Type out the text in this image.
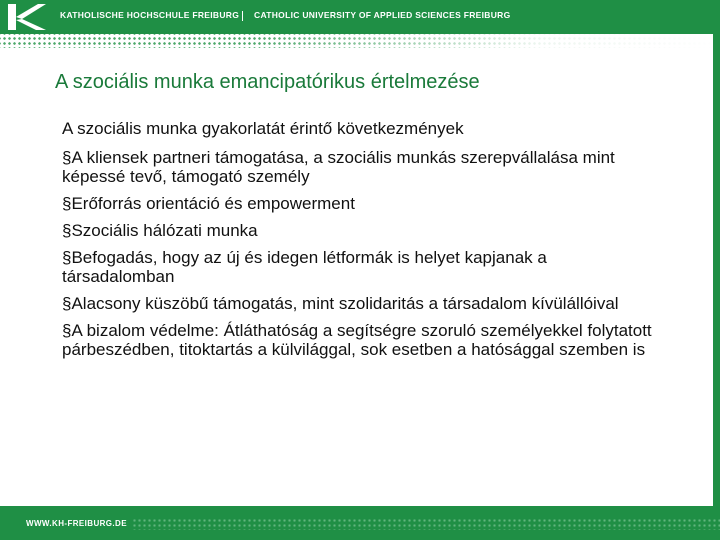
KATHOLISCHE HOCHSCHULE FREIBURG CATHOLIC UNIVERSITY OF APPLIED SCIENCES FREIBURG
A szociális munka emancipatórikus értelmezése

A szociális munka gyakorlatát érintő következmények

§ A kliensek partneri támogatása, a szociális munkás szerepvállalása mint képessé tevő, támogató személy

§ Erőforrás orientáció és empowerment

§ Szociális hálózati munka

§ Befogadás, hogy az új és idegen létformák is helyet kapjanak a társadalomban

§ Alacsony küszöbű támogatás, mint szolidaritás a társadalom kívülállóival

§ A bizalom védelme: Átláthatóság a segítségre szoruló személyekkel folytatott párbeszédben, titoktartás a külvilággal, sok esetben a hatósággal szemben is

WWW.KH-FREIBURG.DE
